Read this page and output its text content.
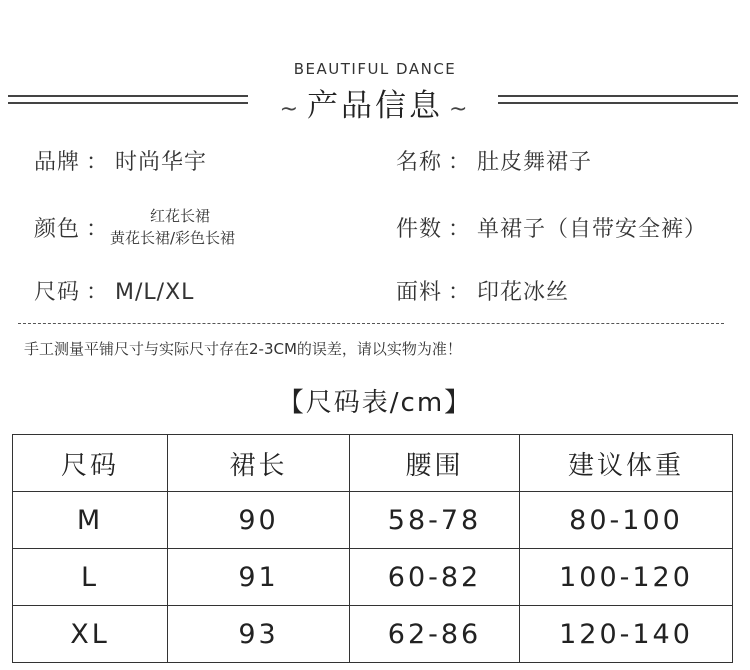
BEAUTIFUL DANCE
~ 产品信息 ~
品牌 ： 时尚华宇	名称 ： 肚皮舞裙子
颜色 ：
红花长裙
黄花长裙/彩色长裙	件数 ： 单裙子（自带安全裤）
尺码 ： M/L/XL	面料 ： 印花冰丝
手工测量平铺尺寸与实际尺寸存在2-3CM的误差，请以实物为准！
【尺码表/cm】
尺码	裙长	腰围	建议体重
M	90	58-78	80-100
L	91	60-82	100-120
XL	93	62-86	120-140
